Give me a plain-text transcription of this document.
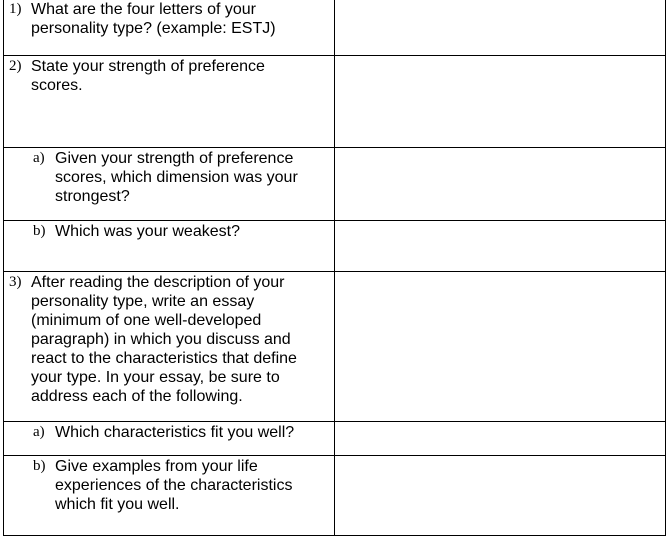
1) What are the four letters of your personality type? (example: ESTJ)	

2) State your strength of preference scores.	

a) Given your strength of preference scores, which dimension was your strongest?	

b) Which was your weakest?	

3) After reading the description of your personality type, write an essay (minimum of one well-developed paragraph) in which you discuss and react to the characteristics that define your type. In your essay, be sure to address each of the following.	

a) Which characteristics fit you well?	

b) Give examples from your life experiences of the characteristics which fit you well.	
